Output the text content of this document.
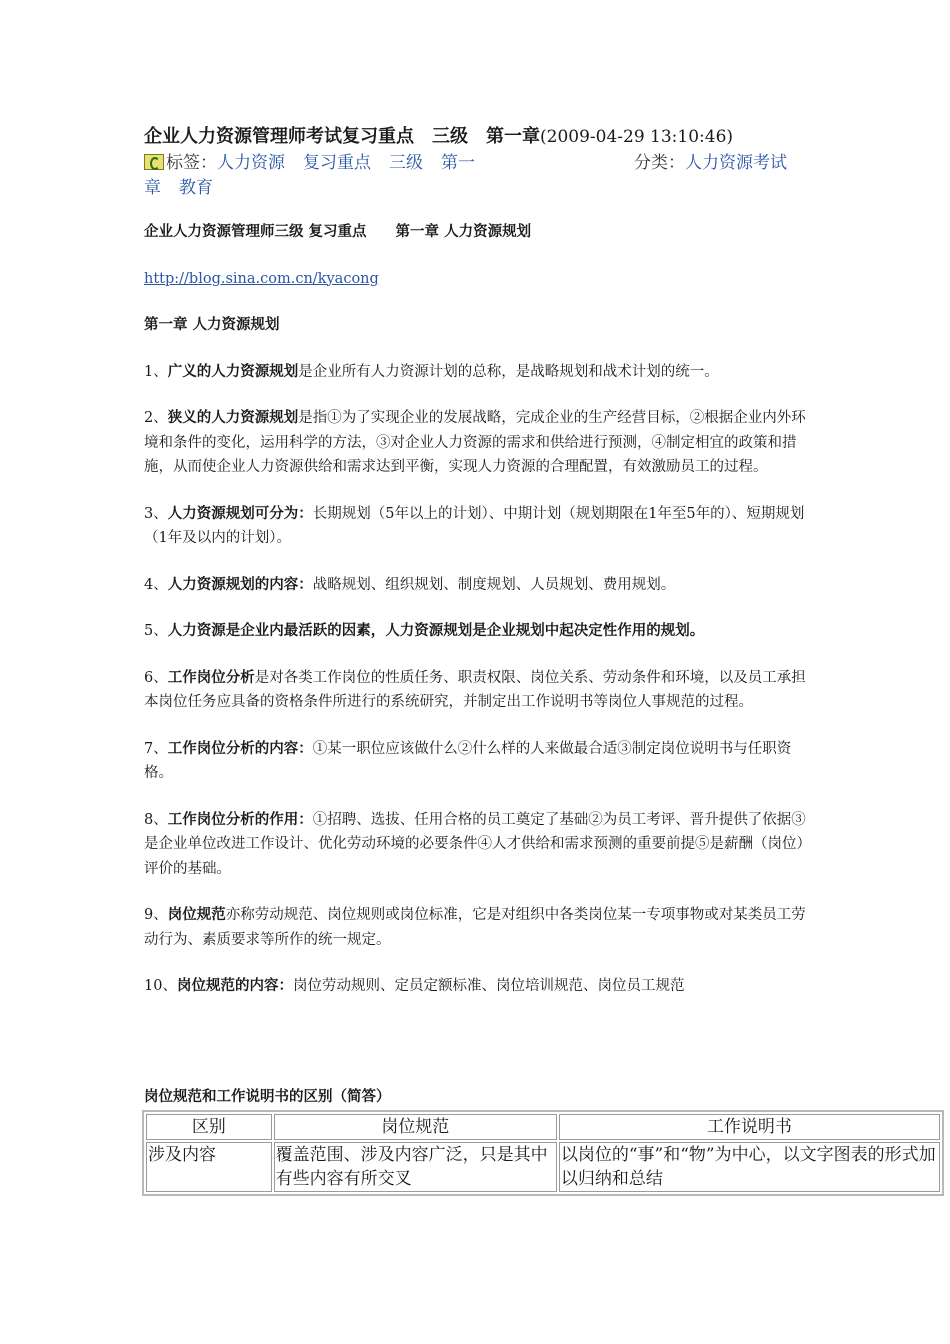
企业人力资源管理师考试复习重点　三级　第一章(2009-04-29 13:10:46)
标签：人力资源 复习重点 三级 第一章 教育
分类：人力资源考试

企业人力资源管理师三级 复习重点　　第一章 人力资源规划

http://blog.sina.com.cn/kyacong

第一章 人力资源规划

1、广义的人力资源规划是企业所有人力资源计划的总称，是战略规划和战术计划的统一。

2、狭义的人力资源规划是指①为了实现企业的发展战略，完成企业的生产经营目标，②根据企业内外环境和条件的变化，运用科学的方法，③对企业人力资源的需求和供给进行预测，④制定相宜的政策和措施，从而使企业人力资源供给和需求达到平衡，实现人力资源的合理配置，有效激励员工的过程。

3、人力资源规划可分为：长期规划（5年以上的计划）、中期计划（规划期限在1年至5年的）、短期规划（1年及以内的计划）。

4、人力资源规划的内容：战略规划、组织规划、制度规划、人员规划、费用规划。

5、人力资源是企业内最活跃的因素，人力资源规划是企业规划中起决定性作用的规划。

6、工作岗位分析是对各类工作岗位的性质任务、职责权限、岗位关系、劳动条件和环境，以及员工承担本岗位任务应具备的资格条件所进行的系统研究，并制定出工作说明书等岗位人事规范的过程。

7、工作岗位分析的内容：①某一职位应该做什么②什么样的人来做最合适③制定岗位说明书与任职资格。

8、工作岗位分析的作用：①招聘、选拔、任用合格的员工奠定了基础②为员工考评、晋升提供了依据③是企业单位改进工作设计、优化劳动环境的必要条件④人才供给和需求预测的重要前提⑤是薪酬（岗位）评价的基础。

9、岗位规范亦称劳动规范、岗位规则或岗位标准，它是对组织中各类岗位某一专项事物或对某类员工劳动行为、素质要求等所作的统一规定。

10、岗位规范的内容：岗位劳动规则、定员定额标准、岗位培训规范、岗位员工规范

岗位规范和工作说明书的区别（简答）
区别	岗位规范	工作说明书
涉及内容	覆盖范围、涉及内容广泛，只是其中有些内容有所交叉	以岗位的“事”和“物”为中心，以文字图表的形式加以归纳和总结
